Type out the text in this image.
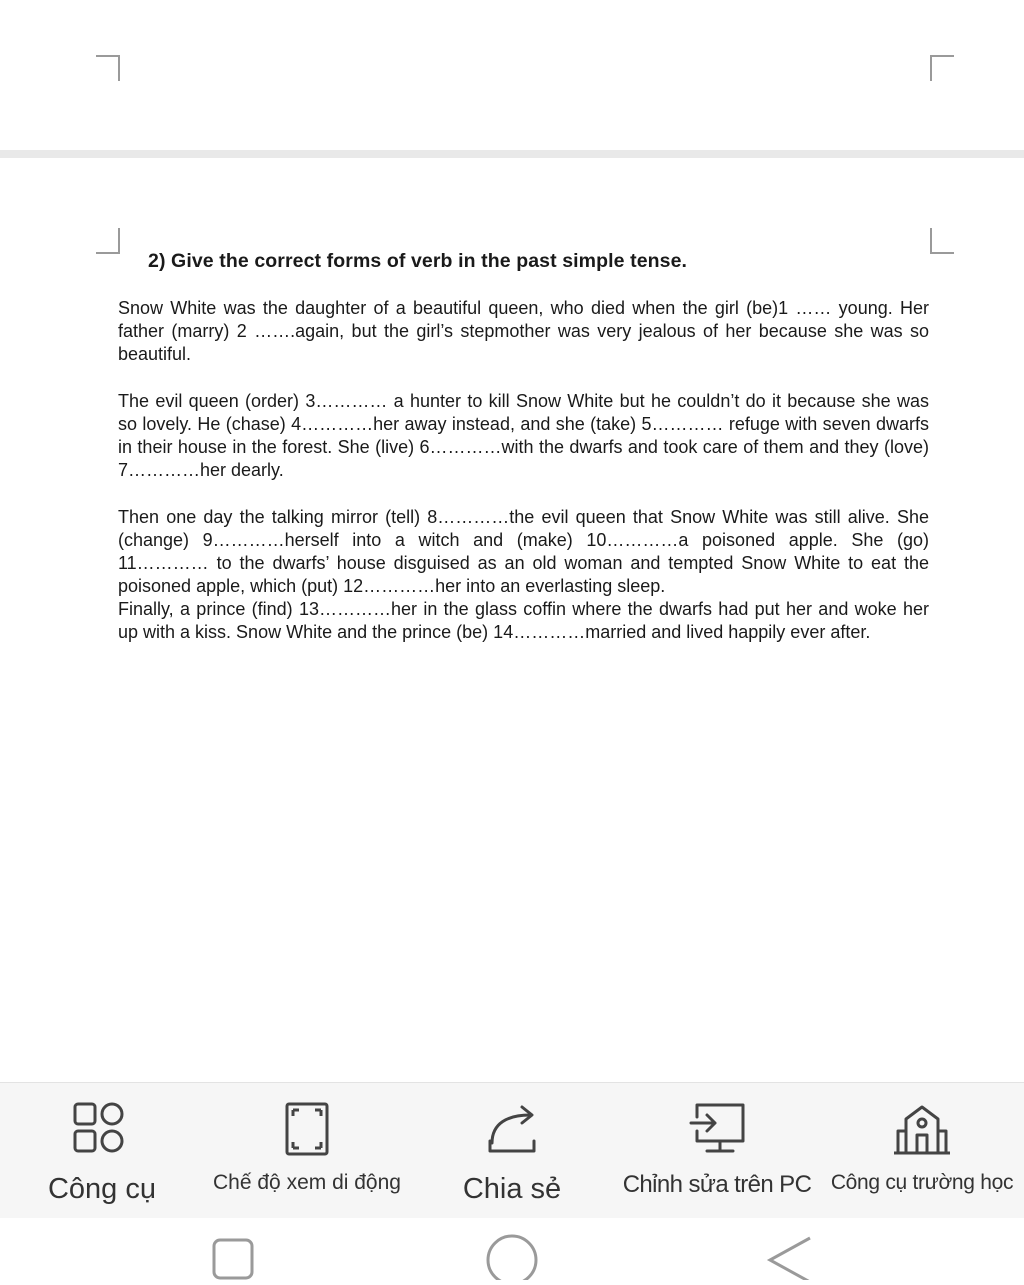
2) Give the correct forms of verb in the past simple tense.

Snow White was the daughter of a beautiful queen, who died when the girl (be)1 …… young. Her father (marry) 2 …….again, but the girl’s stepmother was very jealous of her because she was so beautiful.

The evil queen (order) 3………… a hunter to kill Snow White but he couldn’t do it because she was so lovely. He (chase) 4…………her away instead, and she (take) 5………… refuge with seven dwarfs in their house in the forest. She (live) 6…………with the dwarfs and took care of them and they (love) 7…………her dearly.

Then one day the talking mirror (tell) 8…………the evil queen that Snow White was still alive. She (change) 9…………herself into a witch and (make) 10…………a poisoned apple. She (go) 11………… to the dwarfs’ house disguised as an old woman and tempted Snow White to eat the poisoned apple, which (put) 12…………her into an everlasting sleep.

Finally, a prince (find) 13…………her in the glass coffin where the dwarfs had put her and woke her up with a kiss. Snow White and the prince (be) 14…………married and lived happily ever after.

Công cụ	Chế độ xem di động	Chia sẻ	Chỉnh sửa trên PC Công cụ trường học
